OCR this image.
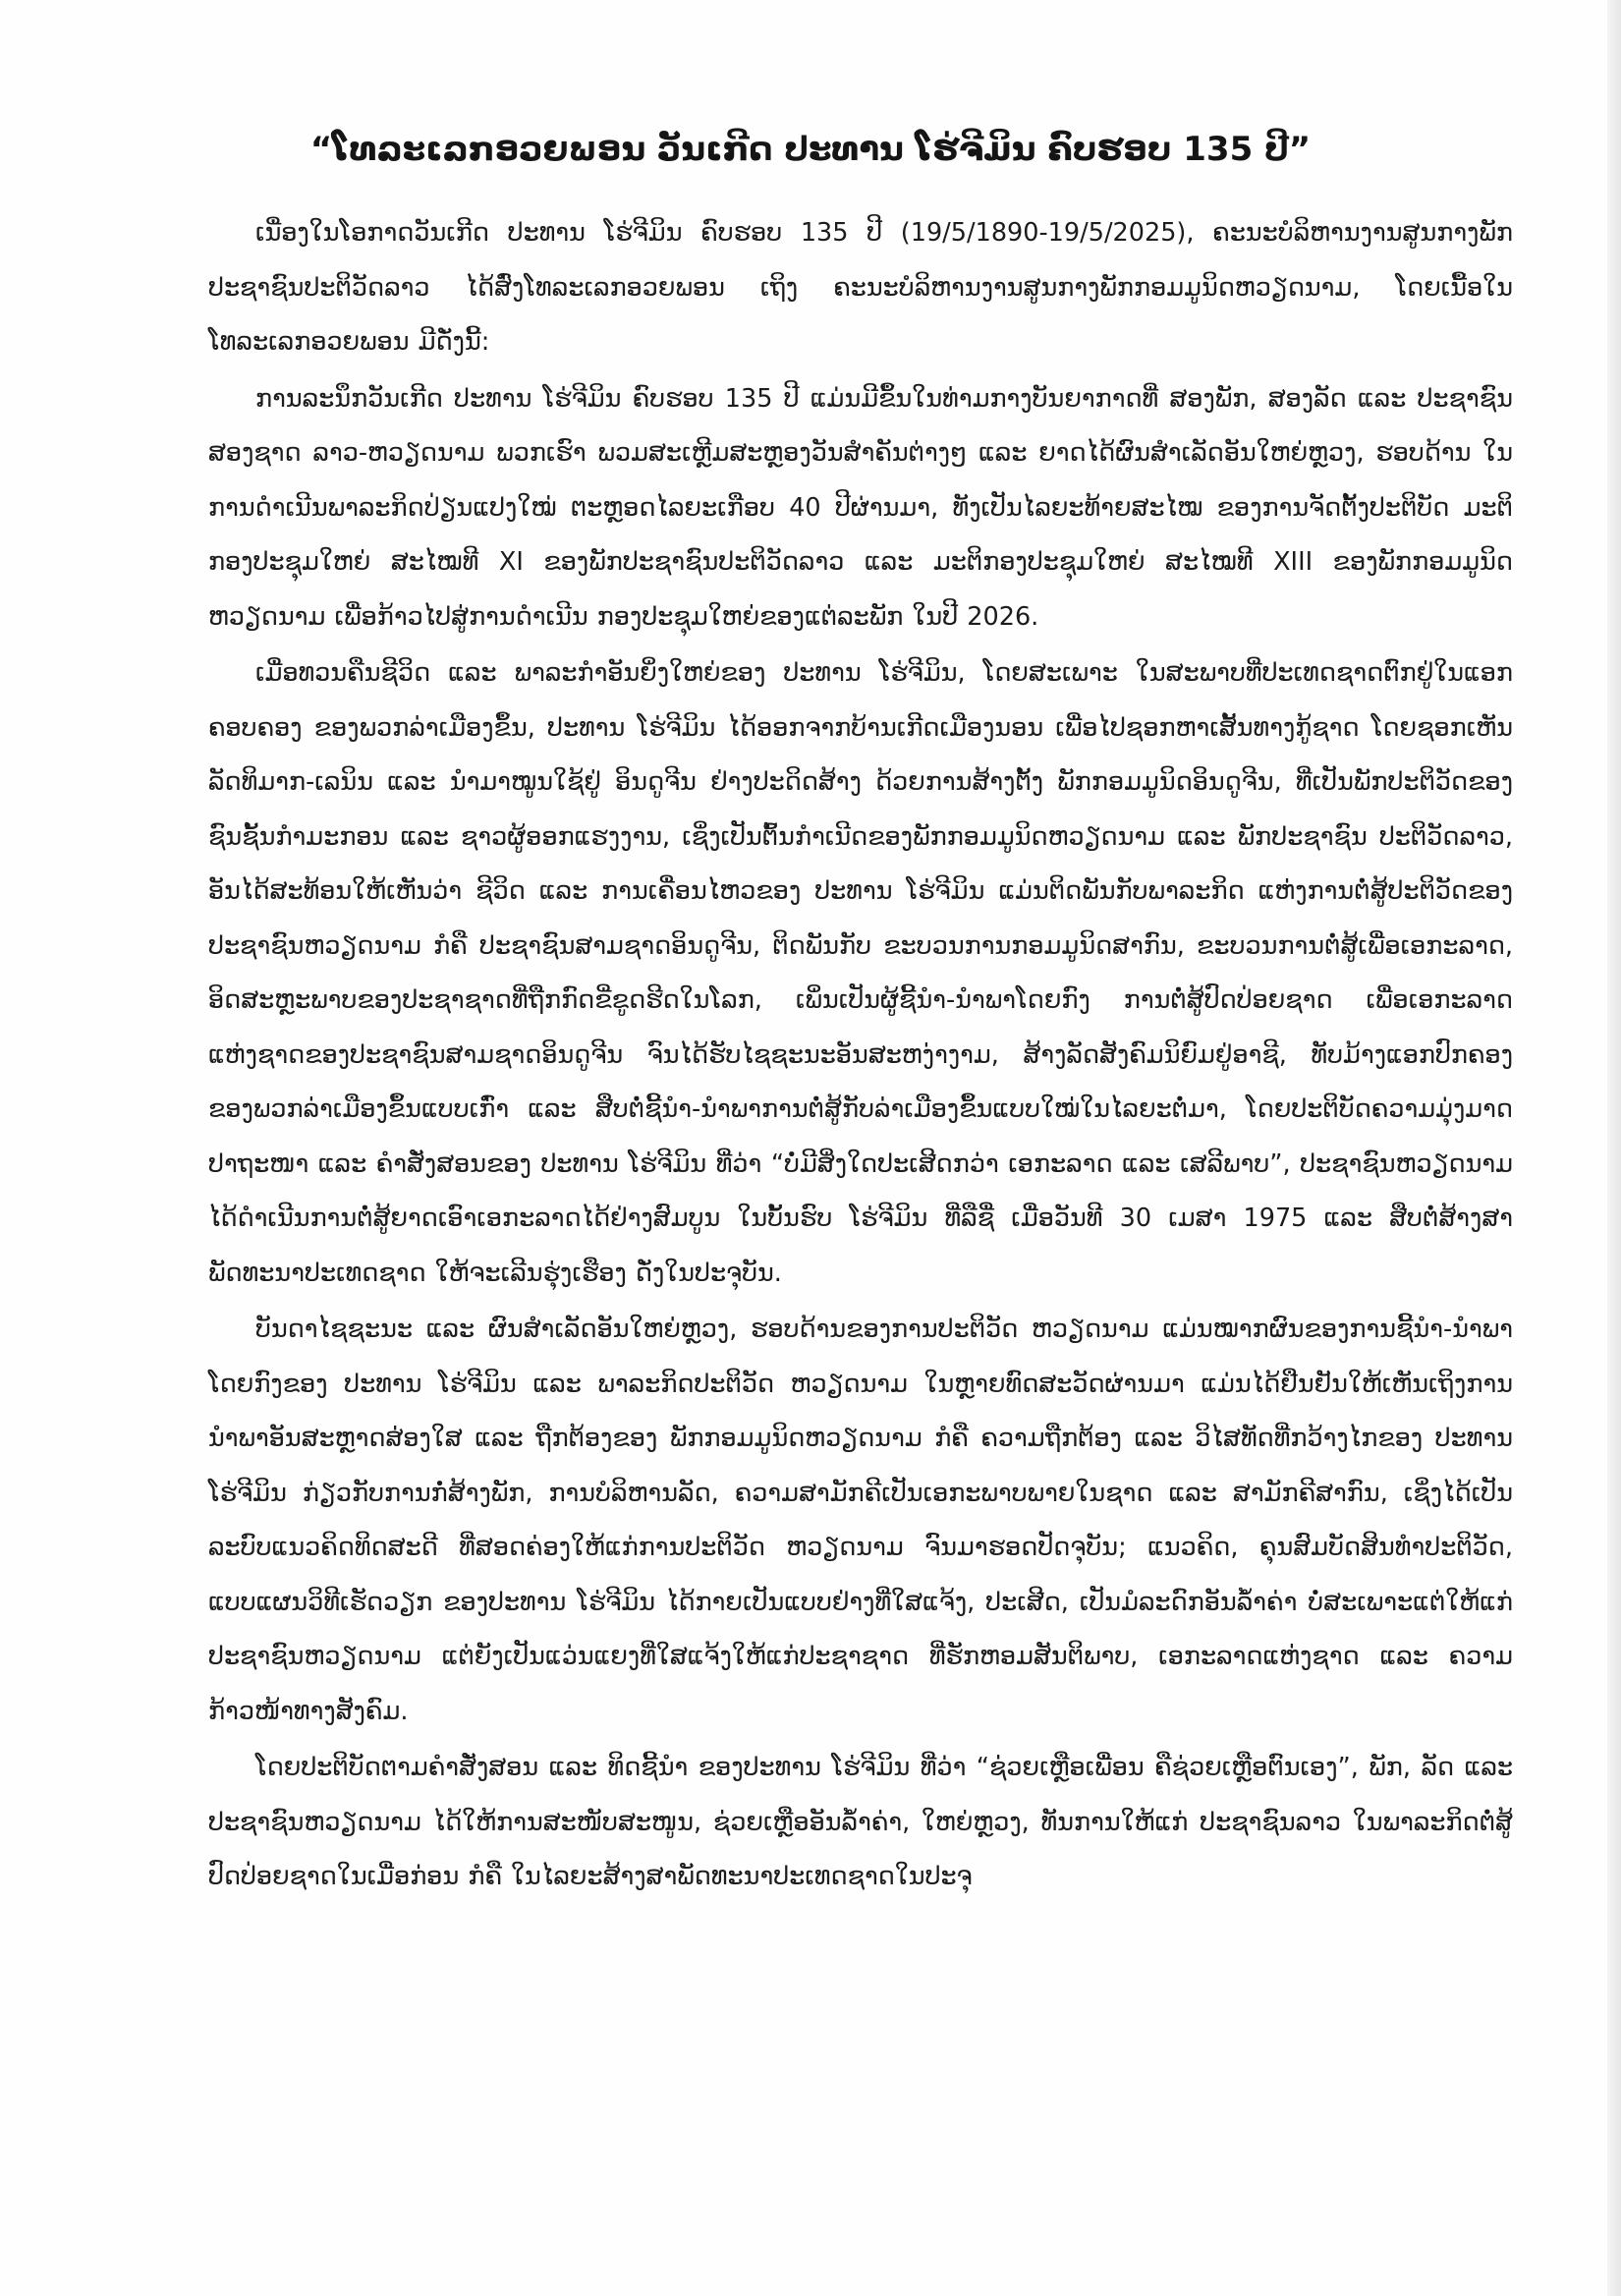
“ໂທລະເລກອວຍພອນ ວັນເກີດ ປະທານ ໂຮ່ຈີມິນ ຄົບຮອບ 135 ປີ”

ເນື່ອງໃນໂອກາດວັນເກີດ ປະທານ ໂຮ່ຈີມິນ ຄົບຮອບ 135 ປີ (19/5/1890-19/5/2025), ຄະນະບໍລິຫານງານສູນກາງພັກປະຊາຊົນປະຕິວັດລາວ ໄດ້ສົ່ງໂທລະເລກອວຍພອນ ເຖິງ ຄະນະບໍລິຫານງານສູນກາງພັກກອມມູນິດຫວຽດນາມ, ໂດຍເນື້ອໃນ ໂທລະເລກອວຍພອນ ມີດັ່ງນີ້:

ການລະນຶກວັນເກີດ ປະທານ ໂຮ່ຈີມິນ ຄົບຮອບ 135 ປີ ແມ່ນມີຂຶ້ນໃນທ່າມກາງບັນຍາກາດທີ່ ສອງພັກ, ສອງລັດ ແລະ ປະຊາຊົນສອງຊາດ ລາວ-ຫວຽດນາມ ພວກເຮົາ ພວມສະເຫຼີມສະຫຼອງວັນສຳຄັນຕ່າງໆ ແລະ ຍາດໄດ້ຜົນສຳເລັດອັນໃຫຍ່ຫຼວງ, ຮອບດ້ານ ໃນການດຳເນີນພາລະກິດປ່ຽນແປງໃໝ່ ຕະຫຼອດໄລຍະເກືອບ 40 ປີຜ່ານມາ, ທັງເປັນໄລຍະທ້າຍສະໄໝ ຂອງການຈັດຕັ້ງປະຕິບັດ ມະຕິກອງປະຊຸມໃຫຍ່ ສະໄໝທີ XI ຂອງພັກປະຊາຊົນປະຕິວັດລາວ ແລະ ມະຕິກອງປະຊຸມໃຫຍ່ ສະໄໝທີ XIII ຂອງພັກກອມມູນິດຫວຽດນາມ ເພື່ອກ້າວໄປສູ່ການດຳເນີນ ກອງປະຊຸມໃຫຍ່ຂອງແຕ່ລະພັກ ໃນປີ 2026.

ເມື່ອທວນຄືນຊີວິດ ແລະ ພາລະກຳອັນຍິ່ງໃຫຍ່ຂອງ ປະທານ ໂຮ່ຈີມິນ, ໂດຍສະເພາະ ໃນສະພາບທີ່ປະເທດຊາດຕົກຢູ່ໃນແອກຄອບຄອງ ຂອງພວກລ່າເມືອງຂຶ້ນ, ປະທານ ໂຮ່ຈີມິນ ໄດ້ອອກຈາກບ້ານເກີດເມືອງນອນ ເພື່ອໄປຊອກຫາເສັ້ນທາງກູ້ຊາດ ໂດຍຊອກເຫັນ ລັດທິມາກ-ເລນິນ ແລະ ນຳມາໝູນໃຊ້ຢູ່ ອິນດູຈີນ ຢ່າງປະດິດສ້າງ ດ້ວຍການສ້າງຕັ້ງ ພັກກອມມູນິດອິນດູຈີນ, ທີ່ເປັນພັກປະຕິວັດຂອງຊົນຊັ້ນກຳມະກອນ ແລະ ຊາວຜູ້ອອກແຮງງານ, ເຊິ່ງເປັນຕົ້ນກຳເນີດຂອງພັກກອມມູນິດຫວຽດນາມ ແລະ ພັກປະຊາຊົນ ປະຕິວັດລາວ, ອັນໄດ້ສະທ້ອນໃຫ້ເຫັນວ່າ ຊີວິດ ແລະ ການເຄື່ອນໄຫວຂອງ ປະທານ ໂຮ່ຈີມິນ ແມ່ນຕິດພັນກັບພາລະກິດ ແຫ່ງການຕໍ່ສູ້ປະຕິວັດຂອງປະຊາຊົນຫວຽດນາມ ກໍຄື ປະຊາຊົນສາມຊາດອິນດູຈີນ, ຕິດພັນກັບ ຂະບວນການກອມມູນິດສາກົນ, ຂະບວນການຕໍ່ສູ້ເພື່ອເອກະລາດ, ອິດສະຫຼະພາບຂອງປະຊາຊາດທີ່ຖືກກົດຂີ່ຂູດຮີດໃນໂລກ, ເພິ່ນເປັນຜູ້ຊີ້ນຳ-ນຳພາໂດຍກົງ ການຕໍ່ສູ້ປົດປ່ອຍຊາດ ເພື່ອເອກະລາດແຫ່ງຊາດຂອງປະຊາຊົນສາມຊາດອິນດູຈີນ ຈົນໄດ້ຮັບໄຊຊະນະອັນສະຫງ່າງາມ, ສ້າງລັດສັງຄົມນິຍົມຢູ່ອາຊີ, ທັບມ້າງແອກປົກຄອງ ຂອງພວກລ່າເມືອງຂຶ້ນແບບເກົ່າ ແລະ ສືບຕໍ່ຊີ້ນຳ-ນຳພາການຕໍ່ສູ້ກັບລ່າເມືອງຂຶ້ນແບບໃໝ່ໃນໄລຍະຕໍ່ມາ, ໂດຍປະຕິບັດຄວາມມຸ່ງມາດປາຖະໜາ ແລະ ຄຳສັ່ງສອນຂອງ ປະທານ ໂຮ່ຈີມິນ ທີ່ວ່າ “ບໍ່ມີສິ່ງໃດປະເສີດກວ່າ ເອກະລາດ ແລະ ເສລີພາບ”, ປະຊາຊົນຫວຽດນາມ ໄດ້ດຳເນີນການຕໍ່ສູ້ຍາດເອົາເອກະລາດໄດ້ຢ່າງສົມບູນ ໃນບັ້ນຮົບ ໂຮ່ຈີມິນ ທີ່ລືຊື່ ເມື່ອວັນທີ 30 ເມສາ 1975 ແລະ ສືບຕໍ່ສ້າງສາພັດທະນາປະເທດຊາດ ໃຫ້ຈະເລີນຮຸ່ງເຮືອງ ດັ່ງໃນປະຈຸບັນ.

ບັນດາໄຊຊະນະ ແລະ ຜົນສຳເລັດອັນໃຫຍ່ຫຼວງ, ຮອບດ້ານຂອງການປະຕິວັດ ຫວຽດນາມ ແມ່ນໝາກຜົນຂອງການຊີ້ນຳ-ນຳພາ ໂດຍກົງຂອງ ປະທານ ໂຮ່ຈີມິນ ແລະ ພາລະກິດປະຕິວັດ ຫວຽດນາມ ໃນຫຼາຍທົດສະວັດຜ່ານມາ ແມ່ນໄດ້ຢືນຢັນໃຫ້ເຫັນເຖິງການນຳພາອັນສະຫຼາດສ່ອງໃສ ແລະ ຖືກຕ້ອງຂອງ ພັກກອມມູນິດຫວຽດນາມ ກໍຄື ຄວາມຖືກຕ້ອງ ແລະ ວິໄສທັດທີ່ກວ້າງໄກຂອງ ປະທານ ໂຮ່ຈີມິນ ກ່ຽວກັບການກໍ່ສ້າງພັກ, ການບໍລິຫານລັດ, ຄວາມສາມັກຄີເປັນເອກະພາບພາຍໃນຊາດ ແລະ ສາມັກຄີສາກົນ, ເຊິ່ງໄດ້ເປັນລະບົບແນວຄິດທິດສະດີ ທີ່ສອດຄ່ອງໃຫ້ແກ່ການປະຕິວັດ ຫວຽດນາມ ຈົນມາຮອດປັດຈຸບັນ; ແນວຄິດ, ຄຸນສົມບັດສິນທຳປະຕິວັດ, ແບບແຜນວິທີເຮັດວຽກ ຂອງປະທານ ໂຮ່ຈີມິນ ໄດ້ກາຍເປັນແບບຢ່າງທີ່ໃສແຈ້ງ, ປະເສີດ, ເປັນມໍລະດົກອັນລ້ຳຄ່າ ບໍ່ສະເພາະແຕ່ໃຫ້ແກ່ປະຊາຊົນຫວຽດນາມ ແຕ່ຍັງເປັນແວ່ນແຍງທີ່ໃສແຈ້ງໃຫ້ແກ່ປະຊາຊາດ ທີ່ຮັກຫອມສັນຕິພາບ, ເອກະລາດແຫ່ງຊາດ ແລະ ຄວາມກ້າວໜ້າທາງສັງຄົມ.

ໂດຍປະຕິບັດຕາມຄຳສັ່ງສອນ ແລະ ທິດຊີ້ນຳ ຂອງປະທານ ໂຮ່ຈີມິນ ທີ່ວ່າ “ຊ່ວຍເຫຼືອເພື່ອນ ຄືຊ່ວຍເຫຼືອຕົນເອງ”, ພັກ, ລັດ ແລະ ປະຊາຊົນຫວຽດນາມ ໄດ້ໃຫ້ການສະໜັບສະໜູນ, ຊ່ວຍເຫຼືອອັນລ້ຳຄ່າ, ໃຫຍ່ຫຼວງ, ທັນການໃຫ້ແກ່ ປະຊາຊົນລາວ ໃນພາລະກິດຕໍ່ສູ້ປົດປ່ອຍຊາດໃນເມື່ອກ່ອນ ກໍຄື ໃນໄລຍະສ້າງສາພັດທະນາປະເທດຊາດໃນປະຈຸ
